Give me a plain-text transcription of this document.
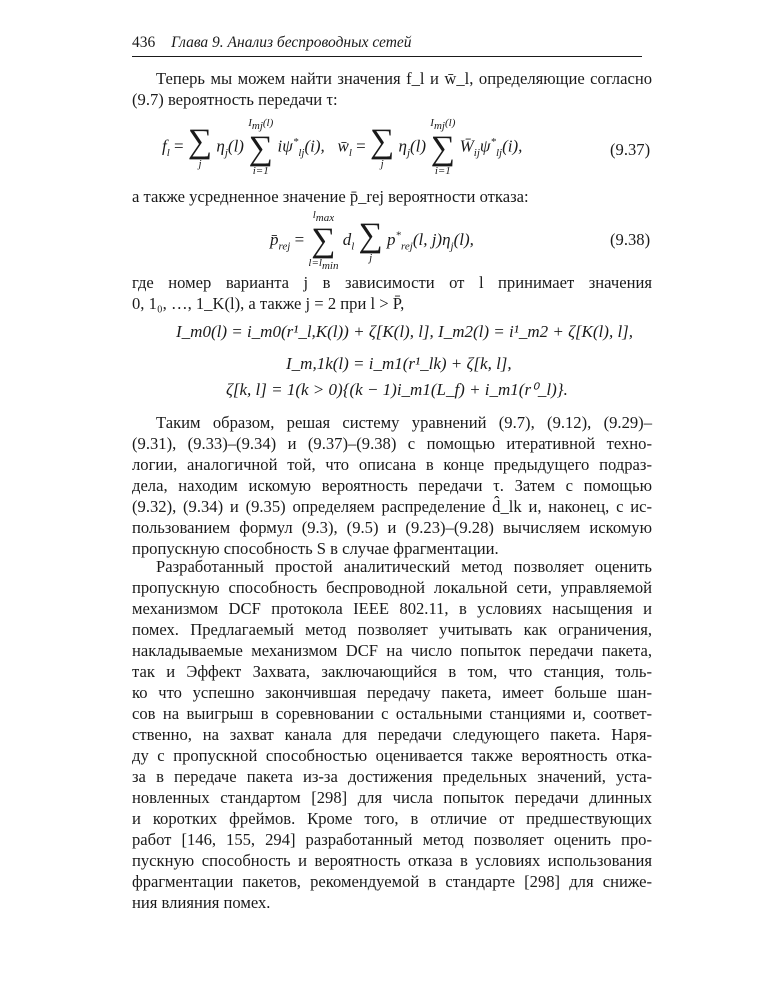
436 Глава 9. Анализ беспроводных сетей

Теперь мы можем найти значения f_l и w̄_l, определяющие согласно
(9.7) вероятность передачи τ:

$f_l$ = ∑
j
$\eta_j(l)$
$I_{mj}(l)$
∑
i=1
$i\psi^*_{lj}(i)$,   $w̄_l$ = ∑
j
$\eta_j(l)$
$I_{mj}(l)$
∑
i=1
$W̄_{ij}\psi^*_{lj}(i)$,	(9.37)

а также усредненное значение p̄_rej вероятности отказа:

$p̄_{rej}$ =
$l_{max}$
∑
$l=l_{min}$
$d_l$ ∑
j
$p^*_{rej}(l$, $j)\eta_j(l)$,	(9.38)

где номер варианта j в зависимости от l принимает значения
0, 1₀, …, 1_K(l), а также j = 2 при l > P̄,

I_m0(l) = i_m0(r¹_l,K(l)) + ζ[K(l), l], I_m2(l) = i¹_m2 + ζ[K(l), l],
I_m,1k(l) = i_m1(r¹_lk) + ζ[k, l],
ζ[k, l] = 1(k > 0){(k − 1)i_m1(L_f) + i_m1(r⁰_l)}.

Таким образом, решая систему уравнений (9.7), (9.12), (9.29)–
(9.31), (9.33)–(9.34) и (9.37)–(9.38) с помощью итеративной техно-
логии, аналогичной той, что описана в конце предыдущего подраз-
дела, находим искомую вероятность передачи τ. Затем с помощью
(9.32), (9.34) и (9.35) определяем распределение d̂_lk и, наконец, с ис-
пользованием формул (9.3), (9.5) и (9.23)–(9.28) вычисляем искомую
пропускную способность S в случае фрагментации.

Разработанный простой аналитический метод позволяет оценить
пропускную способность беспроводной локальной сети, управляемой
механизмом DCF протокола IEEE 802.11, в условиях насыщения и
помех. Предлагаемый метод позволяет учитывать как ограничения,
накладываемые механизмом DCF на число попыток передачи пакета,
так и Эффект Захвата, заключающийся в том, что станция, толь-
ко что успешно закончившая передачу пакета, имеет больше шан-
сов на выигрыш в соревновании с остальными станциями и, соответ-
ственно, на захват канала для передачи следующего пакета. Наря-
ду с пропускной способностью оценивается также вероятность отка-
за в передаче пакета из-за достижения предельных значений, уста-
новленных стандартом [298] для числа попыток передачи длинных
и коротких фреймов. Кроме того, в отличие от предшествующих
работ [146, 155, 294] разработанный метод позволяет оценить про-
пускную способность и вероятность отказа в условиях использования
фрагментации пакетов, рекомендуемой в стандарте [298] для сниже-
ния влияния помех.
